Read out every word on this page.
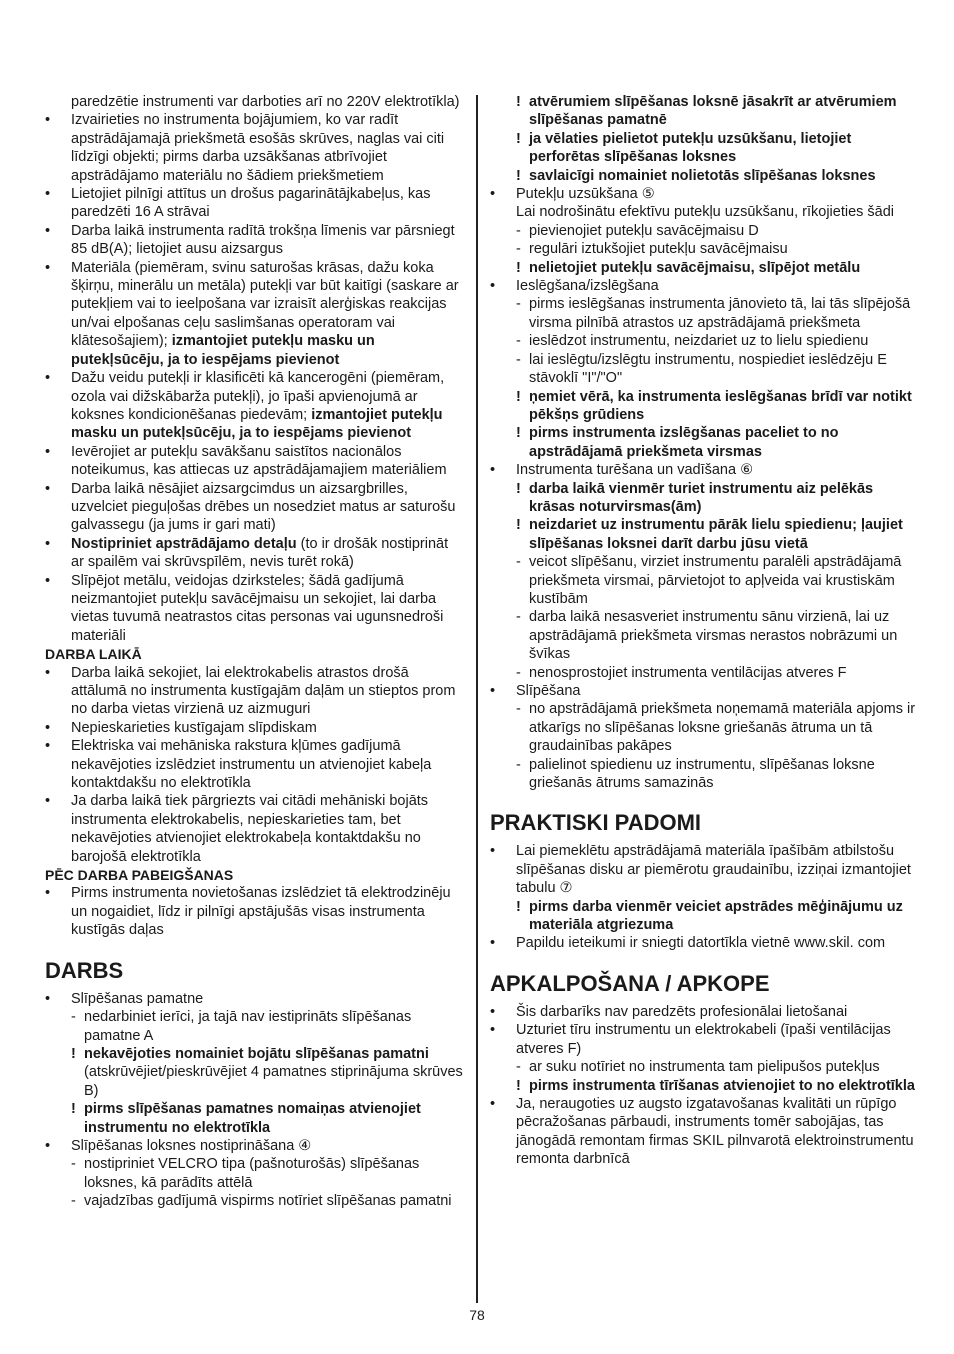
paredzētie instrumenti var darboties arī no 220V elektrotīkla)
•
Izvairieties no instrumenta bojājumiem, ko var radīt apstrādājamajā priekšmetā esošās skrūves, naglas vai citi līdzīgi objekti; pirms darba uzsākšanas atbrīvojiet apstrādājamo materiālu no šādiem priekšmetiem
•
Lietojiet pilnīgi attītus un drošus pagarinātājkabeļus, kas paredzēti 16 A strāvai
•
Darba laikā instrumenta radītā trokšņa līmenis var pārsniegt 85 dB(A); lietojiet ausu aizsargus
•
Materiāla (piemēram, svinu saturošas krāsas, dažu koka šķirņu, minerālu un metāla) putekļi var būt kaitīgi (saskare ar putekļiem vai to ieelpošana var izraisīt alerģiskas reakcijas un/vai elpošanas ceļu saslimšanas operatoram vai klātesošajiem); izmantojiet putekļu masku un putekļsūcēju, ja to iespējams pievienot
•
Dažu veidu putekļi ir klasificēti kā kancerogēni (piemēram, ozola vai dižskābarža putekļi), jo īpaši apvienojumā ar koksnes kondicionēšanas piedevām; izmantojiet putekļu masku un putekļsūcēju, ja to iespējams pievienot
•
Ievērojiet ar putekļu savākšanu saistītos nacionālos noteikumus, kas attiecas uz apstrādājamajiem materiāliem
•
Darba laikā nēsājiet aizsargcimdus un aizsargbrilles, uzvelciet pieguļošas drēbes un nosedziet matus ar saturošu galvassegu (ja jums ir gari mati)
•
Nostipriniet apstrādājamo detaļu (to ir drošāk nostiprināt ar spailēm vai skrūvspīlēm, nevis turēt rokā)
•
Slīpējot metālu, veidojas dzirksteles; šādā gadījumā neizmantojiet putekļu savācējmaisu un sekojiet, lai darba vietas tuvumā neatrastos citas personas vai ugunsnedroši materiāli
DARBA LAIKĀ
•
Darba laikā sekojiet, lai elektrokabelis atrastos drošā attālumā no instrumenta kustīgajām daļām un stieptos prom no darba vietas virzienā uz aizmuguri
•
Nepieskarieties kustīgajam slīpdiskam
•
Elektriska vai mehāniska rakstura kļūmes gadījumā nekavējoties izslēdziet instrumentu un atvienojiet kabeļa kontaktdakšu no elektrotīkla
•
Ja darba laikā tiek pārgriezts vai citādi mehāniski bojāts instrumenta elektrokabelis, nepieskarieties tam, bet nekavējoties atvienojiet elektrokabeļa kontaktdakšu no barojošā elektrotīkla
PĒC DARBA PABEIGŠANAS
•
Pirms instrumenta novietošanas izslēdziet tā elektrodzinēju un nogaidiet, līdz ir pilnīgi apstājušās visas instrumenta kustīgās daļas
DARBS
•
Slīpēšanas pamatne
-
nedarbiniet ierīci, ja tajā nav iestiprināts slīpēšanas pamatne A
!
nekavējoties nomainiet bojātu slīpēšanas pamatni (atskrūvējiet/pieskrūvējiet 4 pamatnes stiprinājuma skrūves B)
!
pirms slīpēšanas pamatnes nomaiņas atvienojiet instrumentu no elektrotīkla
•
Slīpēšanas loksnes nostiprināšana ④
-
nostipriniet VELCRO tipa (pašnoturošās) slīpēšanas loksnes, kā parādīts attēlā
-
vajadzības gadījumā vispirms notīriet slīpēšanas pamatni
!
atvērumiem slīpēšanas loksnē jāsakrīt ar atvērumiem slīpēšanas pamatnē
!
ja vēlaties pielietot putekļu uzsūkšanu, lietojiet perforētas slīpēšanas loksnes
!
savlaicīgi nomainiet nolietotās slīpēšanas loksnes
•
Putekļu uzsūkšana ⑤
Lai nodrošinātu efektīvu putekļu uzsūkšanu, rīkojieties šādi
-
pievienojiet putekļu savācējmaisu D
-
regulāri iztukšojiet putekļu savācējmaisu
!
nelietojiet putekļu savācējmaisu, slīpējot metālu
•
Ieslēgšana/izslēgšana
-
pirms ieslēgšanas instrumenta jānovieto tā, lai tās slīpējošā virsma pilnībā atrastos uz apstrādājamā priekšmeta
-
ieslēdzot instrumentu, neizdariet uz to lielu spiedienu
-
lai ieslēgtu/izslēgtu instrumentu, nospiediet ieslēdzēju E stāvoklī "I"/"O"
!
ņemiet vērā, ka instrumenta ieslēgšanas brīdī var notikt pēkšņs grūdiens
!
pirms instrumenta izslēgšanas paceliet to no apstrādājamā priekšmeta virsmas
•
Instrumenta turēšana un vadīšana ⑥
!
darba laikā vienmēr turiet instrumentu aiz pelēkās krāsas noturvirsmas(ām)
!
neizdariet uz instrumentu pārāk lielu spiedienu; ļaujiet slīpēšanas loksnei darīt darbu jūsu vietā
-
veicot slīpēšanu, virziet instrumentu paralēli apstrādājamā priekšmeta virsmai, pārvietojot to apļveida vai krustiskām kustībām
-
darba laikā nesasveriet instrumentu sānu virzienā, lai uz apstrādājamā priekšmeta virsmas nerastos nobrāzumi un švīkas
-
nenosprostojiet instrumenta ventilācijas atveres F
•
Slīpēšana
-
no apstrādājamā priekšmeta noņemamā materiāla apjoms ir atkarīgs no slīpēšanas loksne griešanās ātruma un tā graudainības pakāpes
-
palielinot spiedienu uz instrumentu, slīpēšanas loksne griešanās ātrums samazinās
PRAKTISKI PADOMI
•
Lai piemeklētu apstrādājamā materiāla īpašībām atbilstošu slīpēšanas disku ar piemērotu graudainību, izziņai izmantojiet tabulu ⑦
!
pirms darba vienmēr veiciet apstrādes mēģinājumu uz materiāla atgriezuma
•
Papildu ieteikumi ir sniegti datortīkla vietnē www.skil. com
APKALPOŠANA / APKOPE
•
Šis darbarīks nav paredzēts profesionālai lietošanai
•
Uzturiet tīru instrumentu un elektrokabeli (īpaši ventilācijas atveres F)
-
ar suku notīriet no instrumenta tam pielipušos putekļus
!
pirms instrumenta tīrīšanas atvienojiet to no elektrotīkla
•
Ja, neraugoties uz augsto izgatavošanas kvalitāti un rūpīgo pēcražošanas pārbaudi, instruments tomēr sabojājas, tas jānogādā remontam firmas SKIL pilnvarotā elektroinstrumentu remonta darbnīcā
78
